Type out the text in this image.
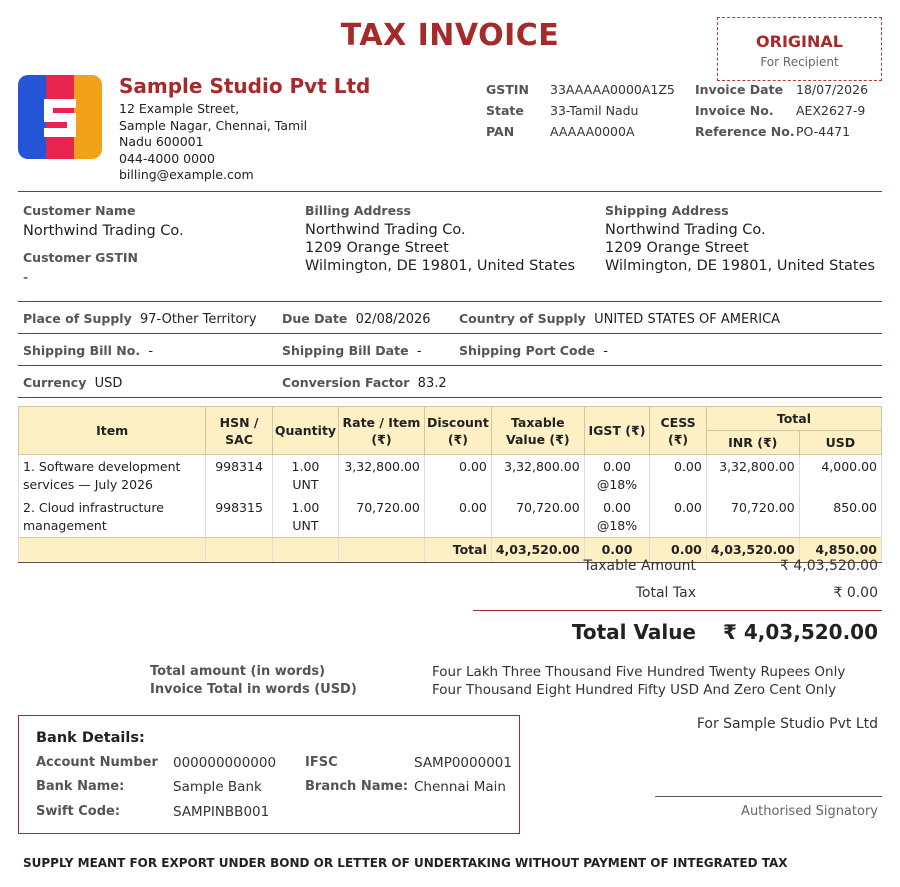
TAX INVOICE	ORIGINAL
For Recipient
Sample Studio Pvt Ltd
12 Example Street,
Sample Nagar, Chennai, Tamil
Nadu 600001
044-4000 0000
billing@example.com
GSTIN 33AAAAA0000A1Z5
State 33-Tamil Nadu
PAN	AAAAA0000A
Invoice Date 18/07/2026
Invoice No. AEX2627-9
Reference No. PO-4471
Customer Name
Northwind Trading Co.
Customer GSTIN
-
Billing Address
Northwind Trading Co.
1209 Orange Street
Wilmington, DE 19801, United States
Shipping Address
Northwind Trading Co.
1209 Orange Street
Wilmington, DE 19801, United States
Place of Supply 97-Other Territory Due Date 02/08/2026 Country of Supply UNITED STATES OF AMERICA
Shipping Bill No. -	Shipping Bill Date -	Shipping Port Code -
Currency USD	Conversion Factor 83.2
Item	HSN / SAC	Quantity	Rate / Item (₹)	Discount (₹)	Taxable Value (₹)	IGST (₹)	CESS (₹)	Total	
								INR (₹)	USD
1. Software development services — July 2026	998314	1.00 UNT	3,32,800.00	0.00	3,32,800.00	0.00 @18%	0.00	3,32,800.00	4,000.00
2. Cloud infrastructure management	998315	1.00 UNT	70,720.00	0.00	70,720.00	0.00 @18%	0.00	70,720.00	850.00
				Total	4,03,520.00	0.00	0.00	4,03,520.00	4,850.00
Taxable Amount	₹ 4,03,520.00
Total Tax	₹ 0.00
Total Value	₹ 4,03,520.00
Total amount (in words)	Four Lakh Three Thousand Five Hundred Twenty Rupees Only
Invoice Total in words (USD)	Four Thousand Eight Hundred Fifty USD And Zero Cent Only
Bank Details:
Account Number 000000000000 IFSC	SAMP0000001
Bank Name:	Sample Bank	Branch Name: Chennai Main
Swift Code:	SAMPINBB001
For Sample Studio Pvt Ltd
Authorised Signatory
SUPPLY MEANT FOR EXPORT UNDER BOND OR LETTER OF UNDERTAKING WITHOUT PAYMENT OF INTEGRATED TAX
